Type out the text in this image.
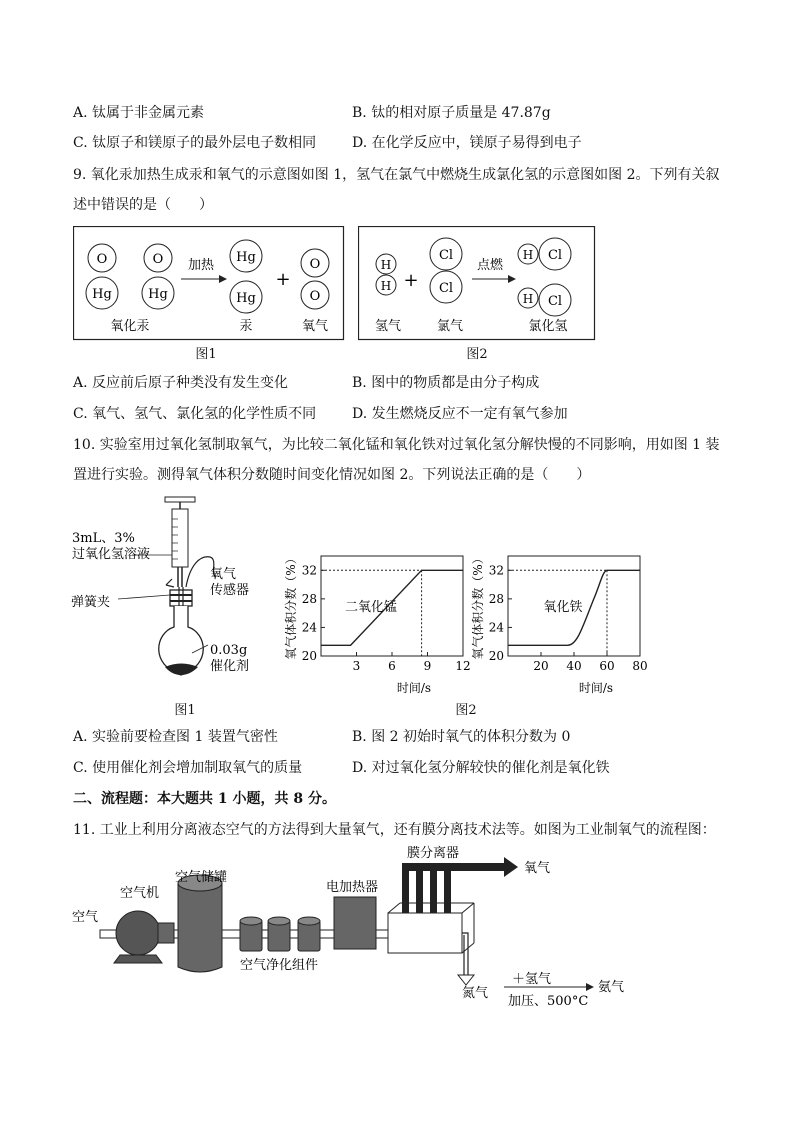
A. 钛属于非金属元素	B. 钛的相对原子质量是 47.87g
C. 钛原子和镁原子的最外层电子数相同	D. 在化学反应中，镁原子易得到电子
9. 氧化汞加热生成汞和氧气的示意图如图 1，氢气在氯气中燃烧生成氯化氢的示意图如图 2。下列有关叙
述中错误的是（　　）
O
Hg
O
Hg
加热
Hg
Hg
+
O
O
氧化汞	汞	氧气
图1
H
H +
Cl
Cl
点燃
H Cl
H Cl
氢气	氯气	氯化氢
图2
A. 反应前后原子种类没有发生变化	B. 图中的物质都是由分子构成
C. 氧气、氢气、氯化氢的化学性质不同	D. 发生燃烧反应不一定有氧气参加
10. 实验室用过氧化氢制取氧气，为比较二氧化锰和氧化铁对过氧化氢分解快慢的不同影响，用如图 1 装
置进行实验。测得氧气体积分数随时间变化情况如图 2。下列说法正确的是（　　）
3mL、3%
过氧化氢溶液
弹簧夹
氧气
传感器
0.03g
催化剂
图1
20
24
28
32
3 6 9 12
二氧化锰
氧气体积分数（%）
时间/s
20
24
28
32
20 40 60 80
氧化铁
氧气体积分数（%）
时间/s
图2
A. 实验前要检查图 1 装置气密性	B. 图 2 初始时氧气的体积分数为 0
C. 使用催化剂会增加制取氧气的质量	D. 对过氧化氢分解较快的催化剂是氧化铁
二、流程题：本大题共 1 小题，共 8 分。
11. 工业上利用分离液态空气的方法得到大量氧气，还有膜分离技术法等。如图为工业制氧气的流程图：
空气
空气机
空气储罐
空气净化组件
电加热器
膜分离器
氧气
氮气
＋氢气
加压、500°C
氨气
